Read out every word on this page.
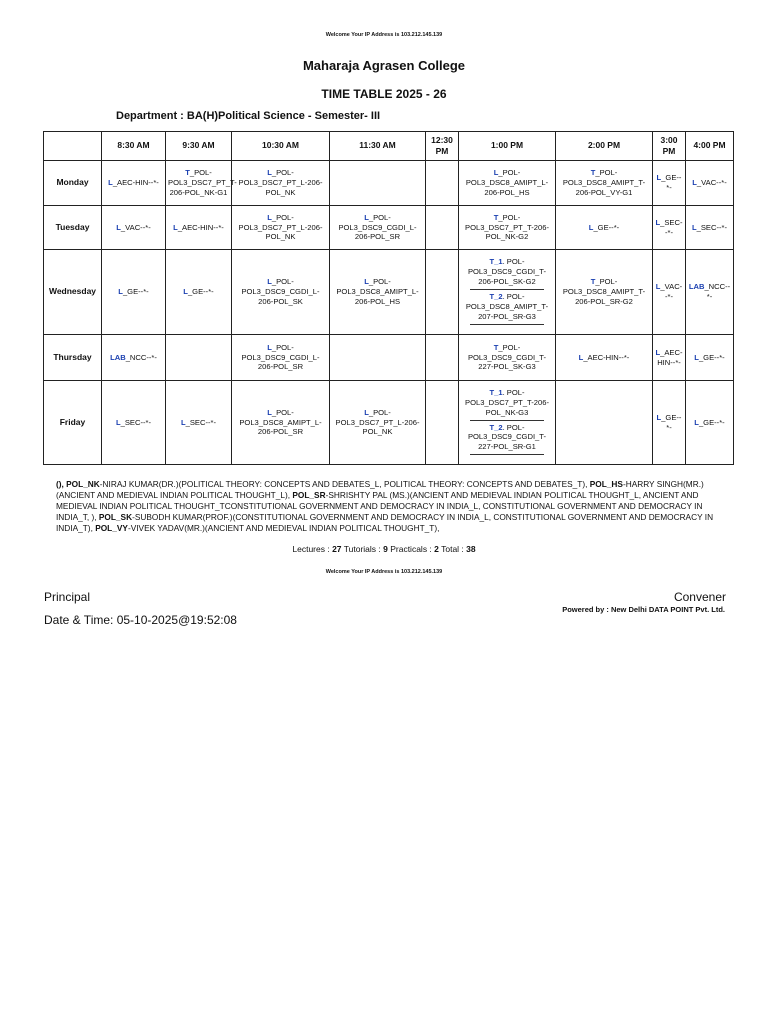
Welcome Your IP Address is 103.212.145.139
Maharaja Agrasen College
TIME TABLE 2025 - 26
Department : BA(H)Political Science - Semester- III
	8:30 AM	9:30 AM	10:30 AM	11:30 AM	12:30 PM	1:00 PM	2:00 PM	3:00 PM	4:00 PM
Monday	L_AEC-HIN--*-	T_POL-POL3_DSC7_PT_T-206-POL_NK-G1	L_POL-POL3_DSC7_PT_L-206-POL_NK			L_POL-POL3_DSC8_AMIPT_L-206-POL_HS	T_POL-POL3_DSC8_AMIPT_T-206-POL_VY-G1	L_GE--*-	L_VAC--*-

Tuesday	L_VAC--*-	L_AEC-HIN--*-	L_POL-POL3_DSC7_PT_L-206-POL_NK	L_POL-POL3_DSC9_CGDI_L-206-POL_SR		T_POL-POL3_DSC7_PT_T-206-POL_NK-G2	L_GE--*-	L_SEC--*-	L_SEC--*-

Wednesday	L_GE--*-	L_GE--*-	L_POL-POL3_DSC9_CGDI_L-206-POL_SK	L_POL-POL3_DSC8_AMIPT_L-206-POL_HS		T_1. POL-POL3_DSC9_CGDI_T-206-POL_SK-G2
T_2. POL-POL3_DSC8_AMIPT_T-207-POL_SR-G3	T_POL-POL3_DSC8_AMIPT_T-206-POL_SR-G2	L_VAC--*-	LAB_NCC--*-

Thursday	LAB_NCC--*-		L_POL-POL3_DSC9_CGDI_L-206-POL_SR			T_POL-POL3_DSC9_CGDI_T-227-POL_SK-G3	L_AEC-HIN--*-	L_AEC-HIN--*-	L_GE--*-

Friday	L_SEC--*-	L_SEC--*-	L_POL-POL3_DSC8_AMIPT_L-206-POL_SR	L_POL-POL3_DSC7_PT_L-206-POL_NK		T_1. POL-POL3_DSC7_PT_T-206-POL_NK-G3
T_2. POL-POL3_DSC9_CGDI_T-227-POL_SR-G1		L_GE--*-	L_GE--*-
(), POL_NK-NIRAJ KUMAR(DR.)(POLITICAL THEORY: CONCEPTS AND DEBATES_L, POLITICAL THEORY: CONCEPTS AND DEBATES_T), POL_HS-HARRY SINGH(MR.)(ANCIENT AND MEDIEVAL INDIAN POLITICAL THOUGHT_L), POL_SR-SHRISHTY PAL (MS.)(ANCIENT AND MEDIEVAL INDIAN POLITICAL THOUGHT_L, ANCIENT AND MEDIEVAL INDIAN POLITICAL THOUGHT_TCONSTITUTIONAL GOVERNMENT AND DEMOCRACY IN INDIA_L, CONSTITUTIONAL GOVERNMENT AND DEMOCRACY IN INDIA_T, ), POL_SK-SUBODH KUMAR(PROF.)(CONSTITUTIONAL GOVERNMENT AND DEMOCRACY IN INDIA_L, CONSTITUTIONAL GOVERNMENT AND DEMOCRACY IN INDIA_T), POL_VY-VIVEK YADAV(MR.)(ANCIENT AND MEDIEVAL INDIAN POLITICAL THOUGHT_T),
Lectures : 27 Tutorials : 9 Practicals : 2 Total : 38
Welcome Your IP Address is 103.212.145.139
Principal	Convener
Powered by : New Delhi DATA POINT Pvt. Ltd.
Date & Time: 05-10-2025@19:52:08
